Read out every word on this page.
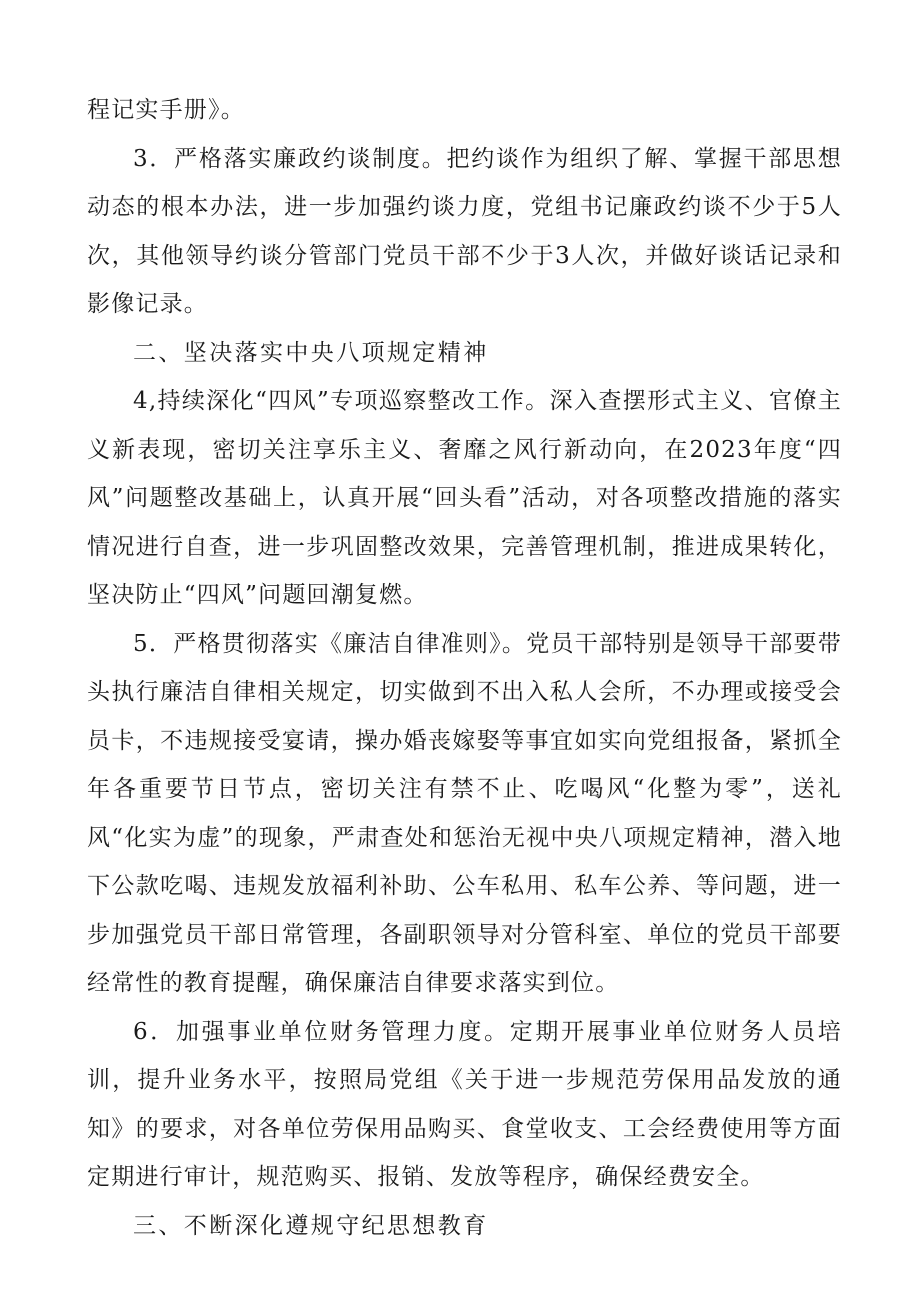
程记实手册》。

3．严格落实廉政约谈制度。把约谈作为组织了解、掌握干部思想动态的根本办法，进一步加强约谈力度，党组书记廉政约谈不少于5人次，其他领导约谈分管部门党员干部不少于3人次，并做好谈话记录和影像记录。

二、坚决落实中央八项规定精神

4,持续深化“四风”专项巡察整改工作。深入查摆形式主义、官僚主义新表现，密切关注享乐主义、奢靡之风行新动向，在2023年度“四风”问题整改基础上，认真开展“回头看”活动，对各项整改措施的落实情况进行自查，进一步巩固整改效果，完善管理机制，推进成果转化，坚决防止“四风”问题回潮复燃。

5．严格贯彻落实《廉洁自律准则》。党员干部特别是领导干部要带头执行廉洁自律相关规定，切实做到不出入私人会所，不办理或接受会员卡，不违规接受宴请，操办婚丧嫁娶等事宜如实向党组报备，紧抓全年各重要节日节点，密切关注有禁不止、吃喝风“化整为零”，送礼风“化实为虚”的现象，严肃查处和惩治无视中央八项规定精神，潜入地下公款吃喝、违规发放福利补助、公车私用、私车公养、等问题，进一步加强党员干部日常管理，各副职领导对分管科室、单位的党员干部要经常性的教育提醒，确保廉洁自律要求落实到位。

6．加强事业单位财务管理力度。定期开展事业单位财务人员培训，提升业务水平，按照局党组《关于进一步规范劳保用品发放的通知》的要求，对各单位劳保用品购买、食堂收支、工会经费使用等方面定期进行审计，规范购买、报销、发放等程序，确保经费安全。

三、不断深化遵规守纪思想教育
